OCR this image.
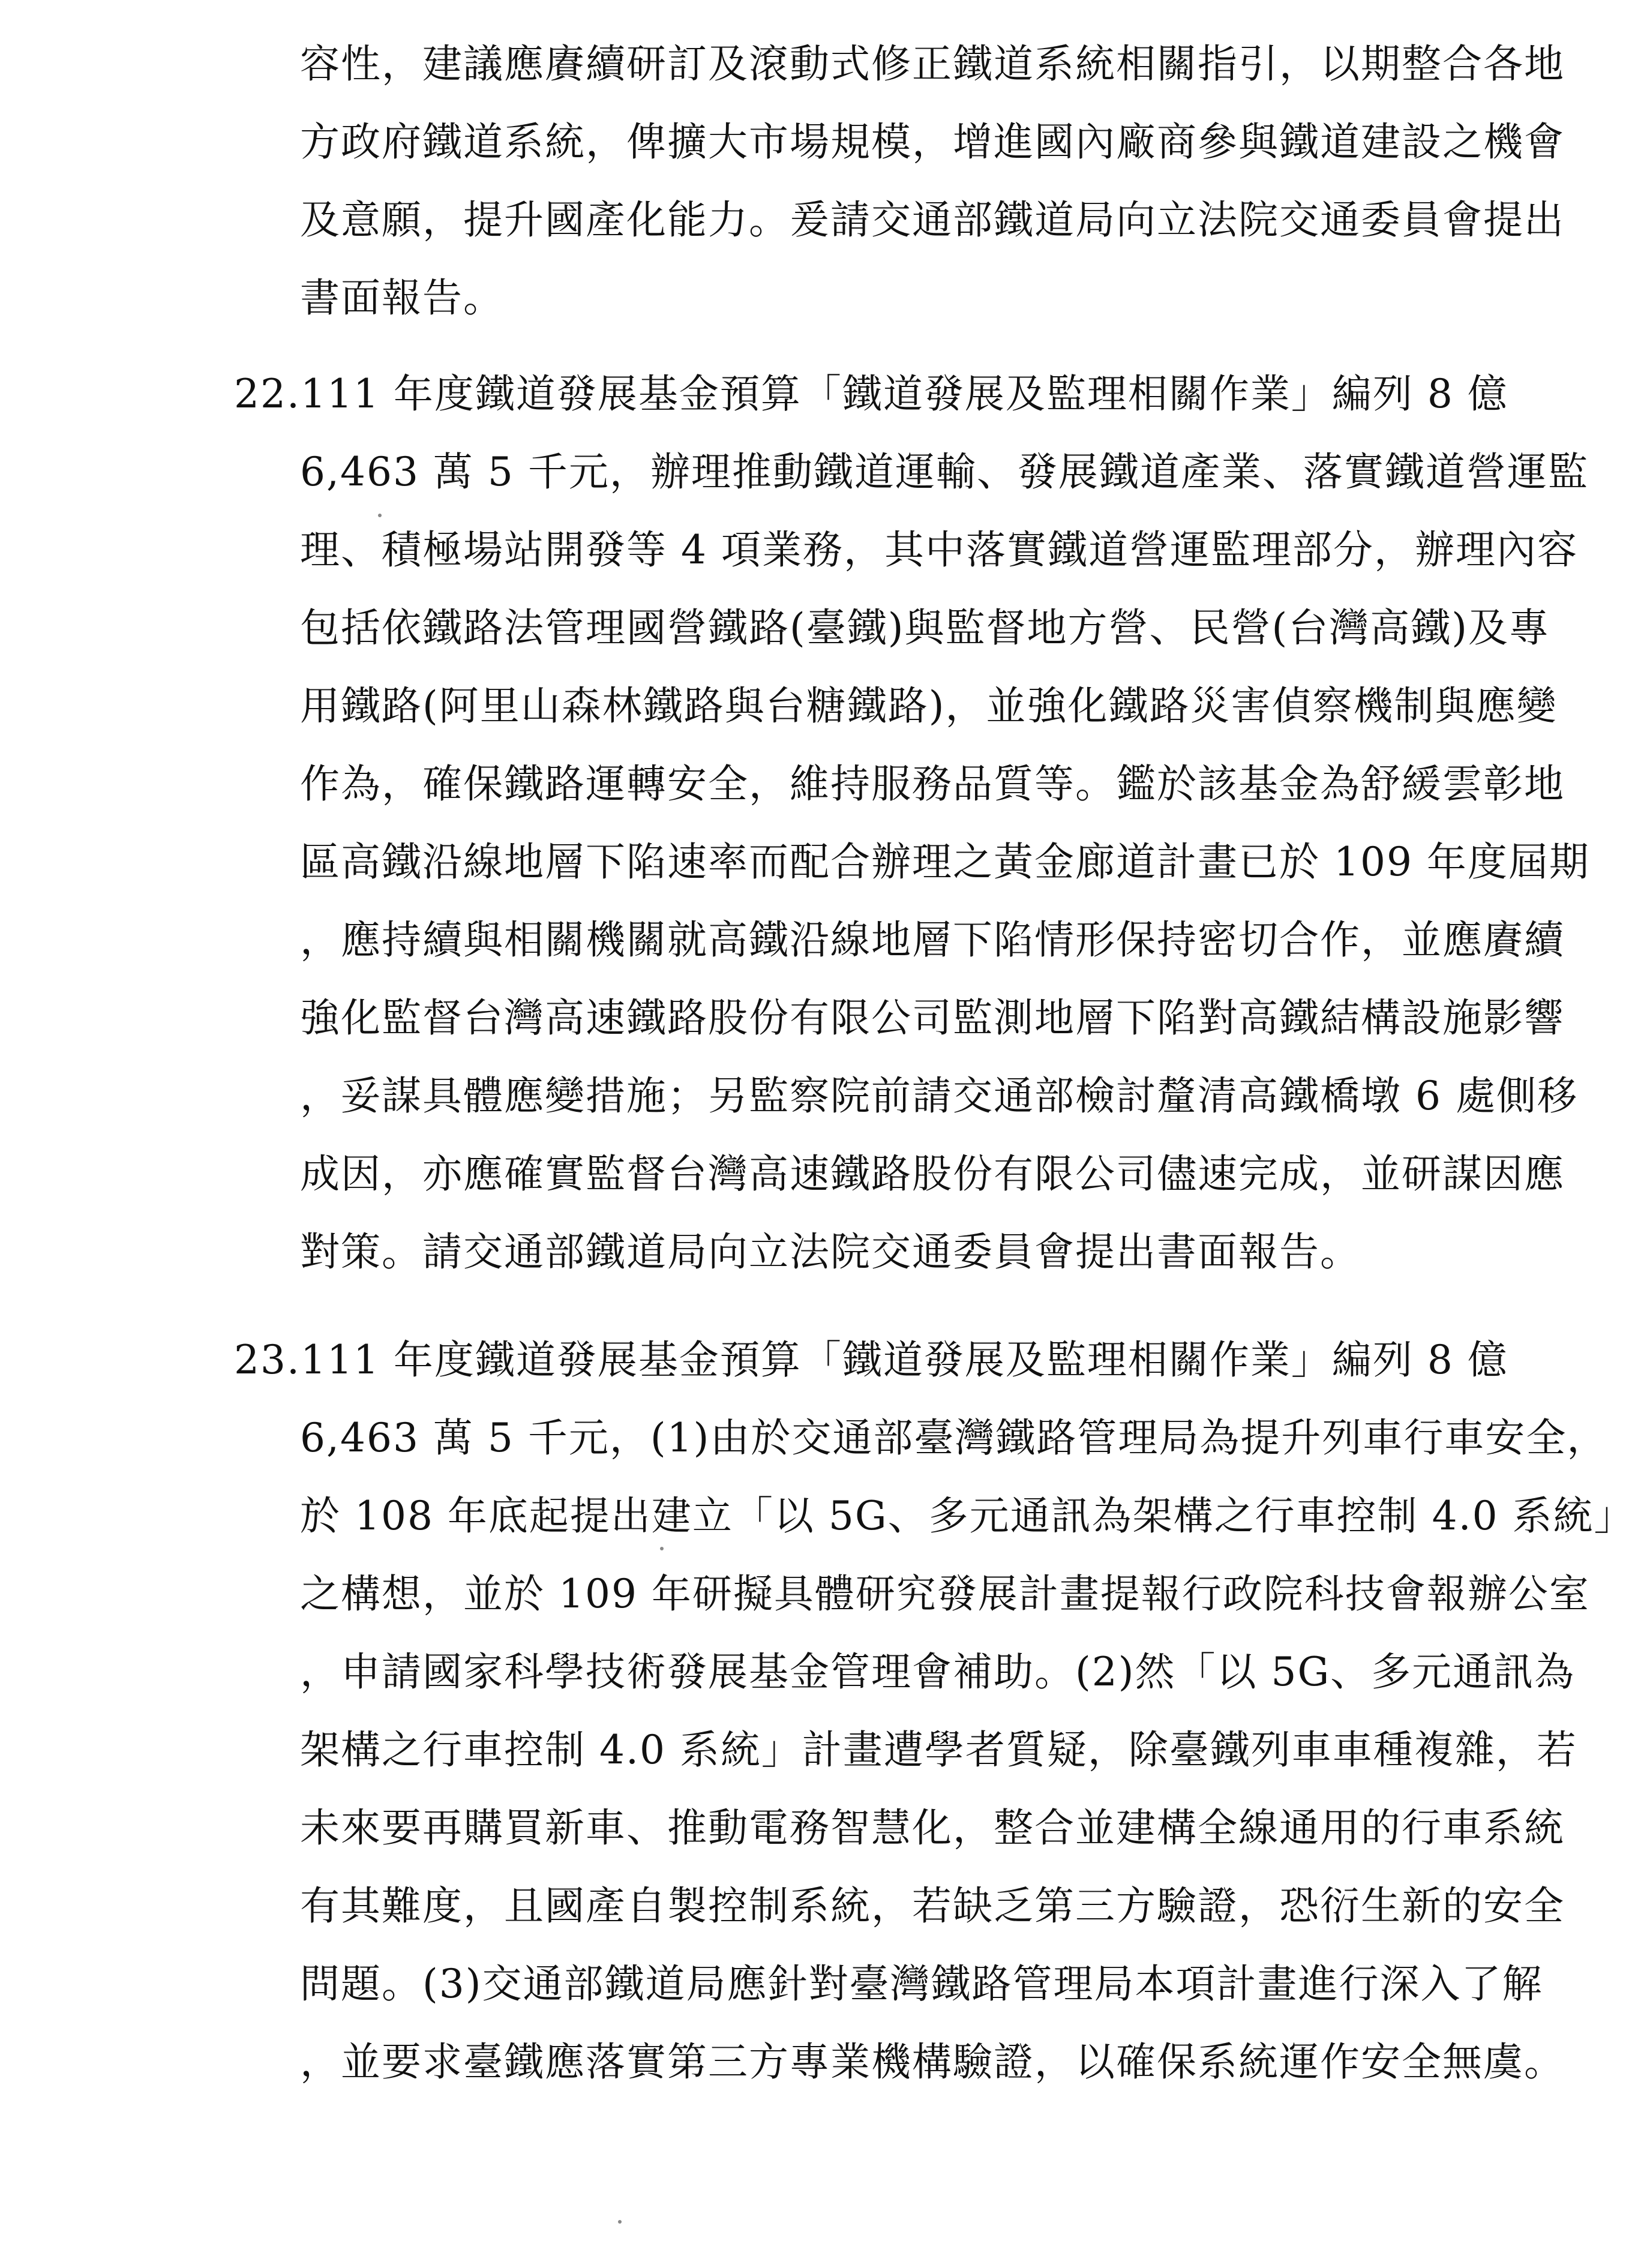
容性，建議應賡續研訂及滾動式修正鐵道系統相關指引，以期整合各地
方政府鐵道系統，俾擴大市場規模，增進國內廠商參與鐵道建設之機會
及意願，提升國產化能力。爰請交通部鐵道局向立法院交通委員會提出
書面報告。
22.111 年度鐵道發展基金預算「鐵道發展及監理相關作業」編列 8 億
6,463 萬 5 千元，辦理推動鐵道運輸、發展鐵道產業、落實鐵道營運監
理、積極場站開發等 4 項業務，其中落實鐵道營運監理部分，辦理內容
包括依鐵路法管理國營鐵路(臺鐵)與監督地方營、民營(台灣高鐵)及專
用鐵路(阿里山森林鐵路與台糖鐵路)，並強化鐵路災害偵察機制與應變
作為，確保鐵路運轉安全，維持服務品質等。鑑於該基金為舒緩雲彰地
區高鐵沿線地層下陷速率而配合辦理之黃金廊道計畫已於 109 年度屆期
，應持續與相關機關就高鐵沿線地層下陷情形保持密切合作，並應賡續
強化監督台灣高速鐵路股份有限公司監測地層下陷對高鐵結構設施影響
，妥謀具體應變措施；另監察院前請交通部檢討釐清高鐵橋墩 6 處側移
成因，亦應確實監督台灣高速鐵路股份有限公司儘速完成，並研謀因應
對策。請交通部鐵道局向立法院交通委員會提出書面報告。
23.111 年度鐵道發展基金預算「鐵道發展及監理相關作業」編列 8 億
6,463 萬 5 千元，(1)由於交通部臺灣鐵路管理局為提升列車行車安全，
於 108 年底起提出建立「以 5G、多元通訊為架構之行車控制 4.0 系統」
之構想，並於 109 年研擬具體研究發展計畫提報行政院科技會報辦公室
，申請國家科學技術發展基金管理會補助。(2)然「以 5G、多元通訊為
架構之行車控制 4.0 系統」計畫遭學者質疑，除臺鐵列車車種複雜，若
未來要再購買新車、推動電務智慧化，整合並建構全線通用的行車系統
有其難度，且國產自製控制系統，若缺乏第三方驗證，恐衍生新的安全
問題。(3)交通部鐵道局應針對臺灣鐵路管理局本項計畫進行深入了解
，並要求臺鐵應落實第三方專業機構驗證，以確保系統運作安全無虞。
